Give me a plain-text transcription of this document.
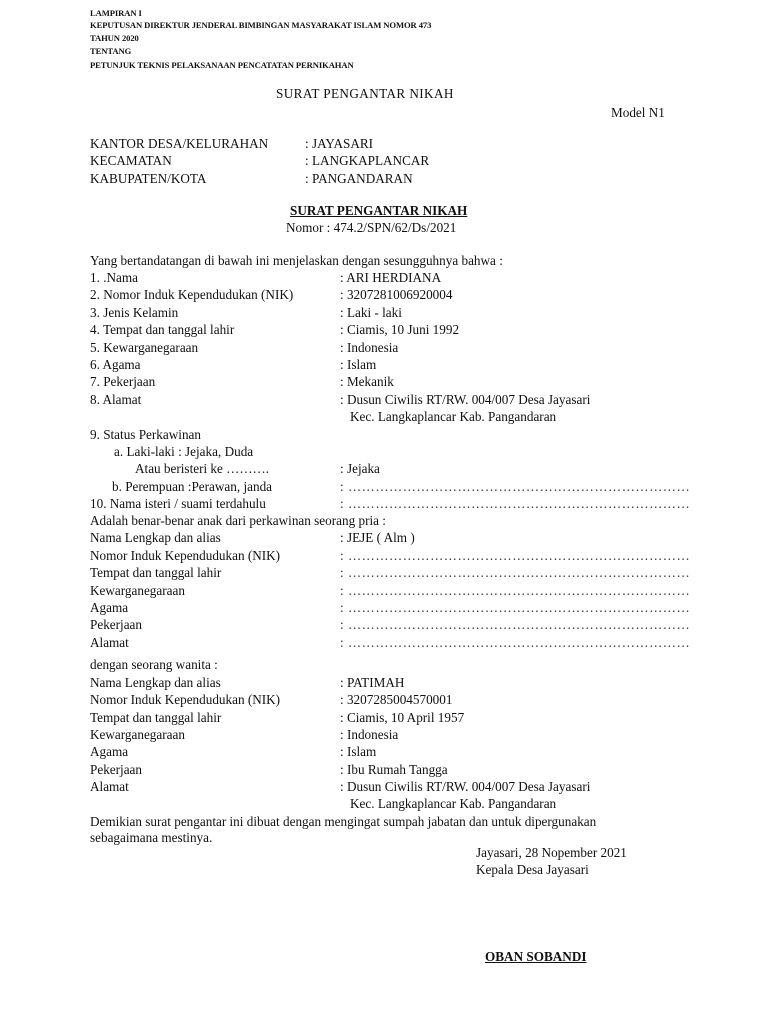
LAMPIRAN I
KEPUTUSAN DIREKTUR JENDERAL BIMBINGAN MASYARAKAT ISLAM NOMOR 473
TAHUN 2020
TENTANG
PETUNJUK TEKNIS PELAKSANAAN PENCATATAN PERNIKAHAN
SURAT PENGANTAR NIKAH
Model N1
KANTOR DESA/KELURAHAN	: JAYASARI
KECAMATAN	: LANGKAPLANCAR
KABUPATEN/KOTA	: PANGANDARAN
SURAT PENGANTAR NIKAH
Nomor : 474.2/SPN/62/Ds/2021
Yang bertandatangan di bawah ini menjelaskan dengan sesungguhnya bahwa :
1. .Nama	: ARI HERDIANA
2. Nomor Induk Kependudukan (NIK)	: 3207281006920004
3. Jenis Kelamin	: Laki - laki
4. Tempat dan tanggal lahir	: Ciamis, 10 Juni 1992
5. Kewarganegaraan	: Indonesia
6. Agama	: Islam
7. Pekerjaan	: Mekanik
8. Alamat	: Dusun Ciwilis RT/RW. 004/007 Desa Jayasari
Kec. Langkaplancar Kab. Pangandaran
9. Status Perkawinan
a. Laki-laki : Jejaka, Duda
Atau beristeri ke ……….	: Jejaka
b. Perempuan :Perawan, janda	: …………………………………………………………………
10. Nama isteri / suami terdahulu	: …………………………………………………………………
Adalah benar-benar anak dari perkawinan seorang pria :
Nama Lengkap dan alias	: JEJE ( Alm )
Nomor Induk Kependudukan (NIK)	: …………………………………………………………………
Tempat dan tanggal lahir	: …………………………………………………………………
Kewarganegaraan	: …………………………………………………………………
Agama	: …………………………………………………………………
Pekerjaan	: …………………………………………………………………
Alamat	: …………………………………………………………………
dengan seorang wanita :
Nama Lengkap dan alias	: PATIMAH
Nomor Induk Kependudukan (NIK)	: 3207285004570001
Tempat dan tanggal lahir	: Ciamis, 10 April 1957
Kewarganegaraan	: Indonesia
Agama	: Islam
Pekerjaan	: Ibu Rumah Tangga
Alamat	: Dusun Ciwilis RT/RW. 004/007 Desa Jayasari
Kec. Langkaplancar Kab. Pangandaran
Demikian surat pengantar ini dibuat dengan mengingat sumpah jabatan dan untuk dipergunakan
sebagaimana mestinya.
Jayasari, 28 Nopember 2021
Kepala Desa Jayasari
OBAN SOBANDI
